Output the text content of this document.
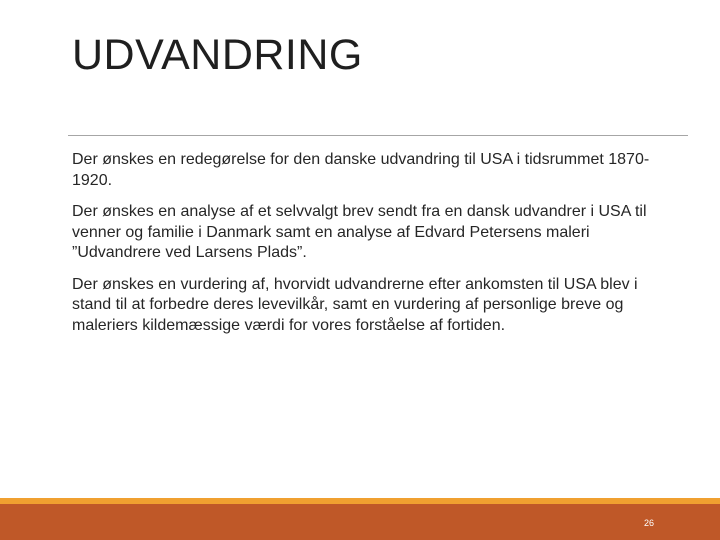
UDVANDRING

Der ønskes en redegørelse for den danske udvandring til USA i tidsrummet 1870-1920.

Der ønskes en analyse af et selvvalgt brev sendt fra en dansk udvandrer i USA til venner og familie i Danmark samt en analyse af Edvard Petersens maleri ”Udvandrere ved Larsens Plads”.

Der ønskes en vurdering af, hvorvidt udvandrerne efter ankomsten til USA blev i stand til at forbedre deres levevilkår, samt en vurdering af personlige breve og maleriers kildemæssige værdi for vores forståelse af fortiden.

26
